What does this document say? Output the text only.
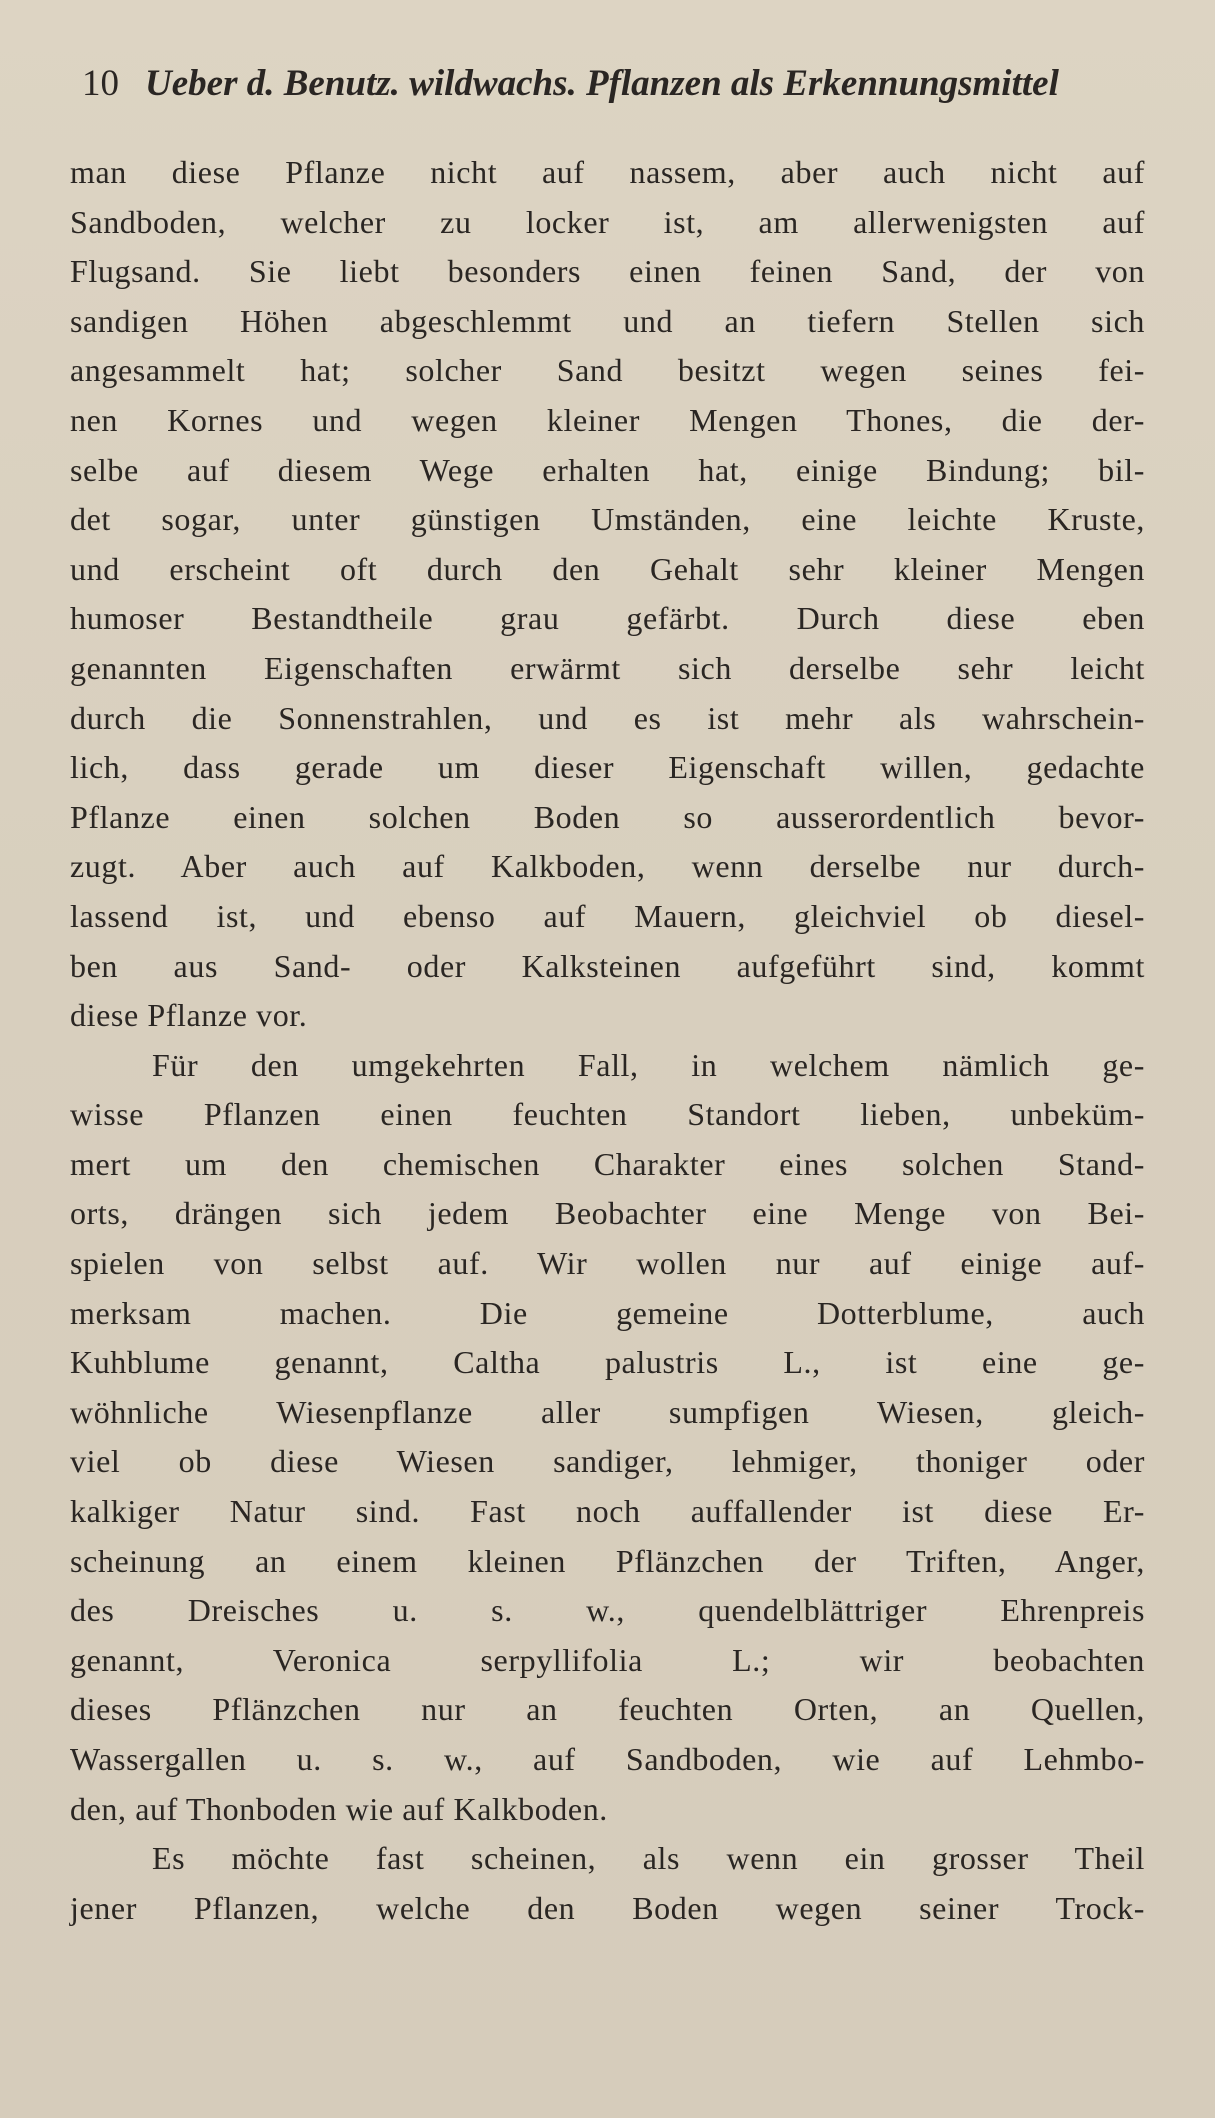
10 Ueber d. Benutz. wildwachs. Pflanzen als Erkennungsmittel
man diese Pflanze nicht auf nassem, aber auch nicht auf
Sandboden, welcher zu locker ist, am allerwenigsten auf
Flugsand. Sie liebt besonders einen feinen Sand, der von
sandigen Höhen abgeschlemmt und an tiefern Stellen sich
angesammelt hat; solcher Sand besitzt wegen seines fei-
nen Kornes und wegen kleiner Mengen Thones, die der-
selbe auf diesem Wege erhalten hat, einige Bindung; bil-
det sogar, unter günstigen Umständen, eine leichte Kruste,
und erscheint oft durch den Gehalt sehr kleiner Mengen
humoser Bestandtheile grau gefärbt. Durch diese eben
genannten Eigenschaften erwärmt sich derselbe sehr leicht
durch die Sonnenstrahlen, und es ist mehr als wahrschein-
lich, dass gerade um dieser Eigenschaft willen, gedachte
Pflanze einen solchen Boden so ausserordentlich bevor-
zugt. Aber auch auf Kalkboden, wenn derselbe nur durch-
lassend ist, und ebenso auf Mauern, gleichviel ob diesel-
ben aus Sand- oder Kalksteinen aufgeführt sind, kommt
diese Pflanze vor.
Für den umgekehrten Fall, in welchem nämlich ge-
wisse Pflanzen einen feuchten Standort lieben, unbeküm-
mert um den chemischen Charakter eines solchen Stand-
orts, drängen sich jedem Beobachter eine Menge von Bei-
spielen von selbst auf. Wir wollen nur auf einige auf-
merksam machen. Die gemeine Dotterblume, auch
Kuhblume genannt, Caltha palustris L., ist eine ge-
wöhnliche Wiesenpflanze aller sumpfigen Wiesen, gleich-
viel ob diese Wiesen sandiger, lehmiger, thoniger oder
kalkiger Natur sind. Fast noch auffallender ist diese Er-
scheinung an einem kleinen Pflänzchen der Triften, Anger,
des Dreisches u. s. w., quendelblättriger Ehrenpreis
genannt, Veronica serpyllifolia L.; wir beobachten
dieses Pflänzchen nur an feuchten Orten, an Quellen,
Wassergallen u. s. w., auf Sandboden, wie auf Lehmbo-
den, auf Thonboden wie auf Kalkboden.
Es möchte fast scheinen, als wenn ein grosser Theil
jener Pflanzen, welche den Boden wegen seiner Trock-
